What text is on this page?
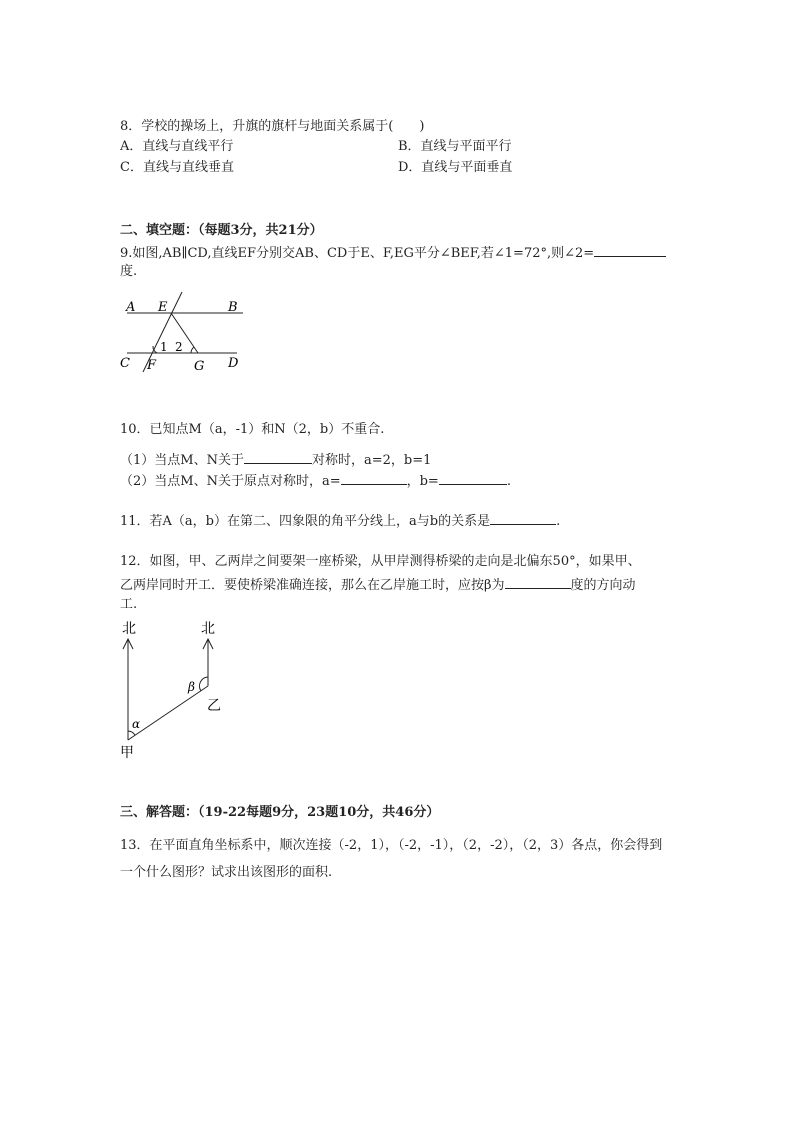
8．学校的操场上，升旗的旗杆与地面关系属于(　　)
A．直线与直线平行	B．直线与平面平行
C．直线与直线垂直	D．直线与平面垂直
二、填空题：（每题3分，共21分）
9.如图,AB∥CD,直线EF分别交AB、CD于E、F,EG平分∠BEF,若∠1=72°,则∠2=
度.
A E	B
C F	G D
1 2
10．已知点M（a，-1）和N（2，b）不重合.
（1）当点M、N关于	对称时，a=2，b=1
（2）当点M、N关于原点对称时，a=	，b=	.
11．若A（a，b）在第二、四象限的角平分线上，a与b的关系是	.
12．如图，甲、乙两岸之间要架一座桥梁，从甲岸测得桥梁的走向是北偏东50°，如果甲、
乙两岸同时开工．要使桥梁准确连接，那么在乙岸施工时，应按β为	度的方向动
工.
北	北
β
乙
α
甲
三、解答题：（19-22每题9分，23题10分，共46分）
13．在平面直角坐标系中，顺次连接（-2，1），（-2，-1），（2，-2），（2，3）各点，你会得到
一个什么图形？试求出该图形的面积.
